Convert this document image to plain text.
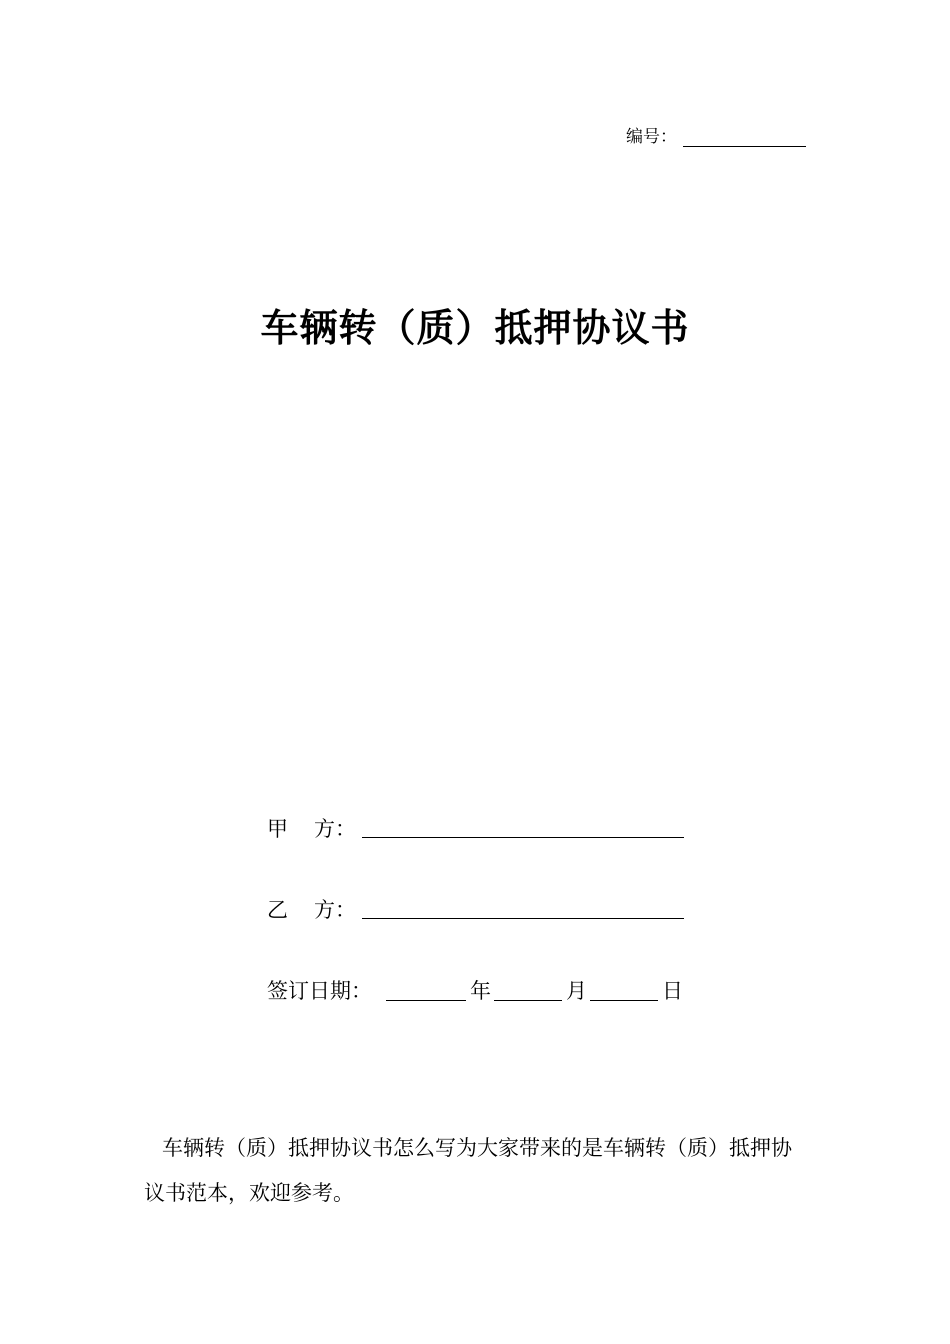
编号：
车辆转（质）抵押协议书
甲 方：
乙 方：
签订日期：	年	月	日

车辆转（质）抵押协议书怎么写为大家带来的是车辆转（质）抵押协议书范本，欢迎参考。
